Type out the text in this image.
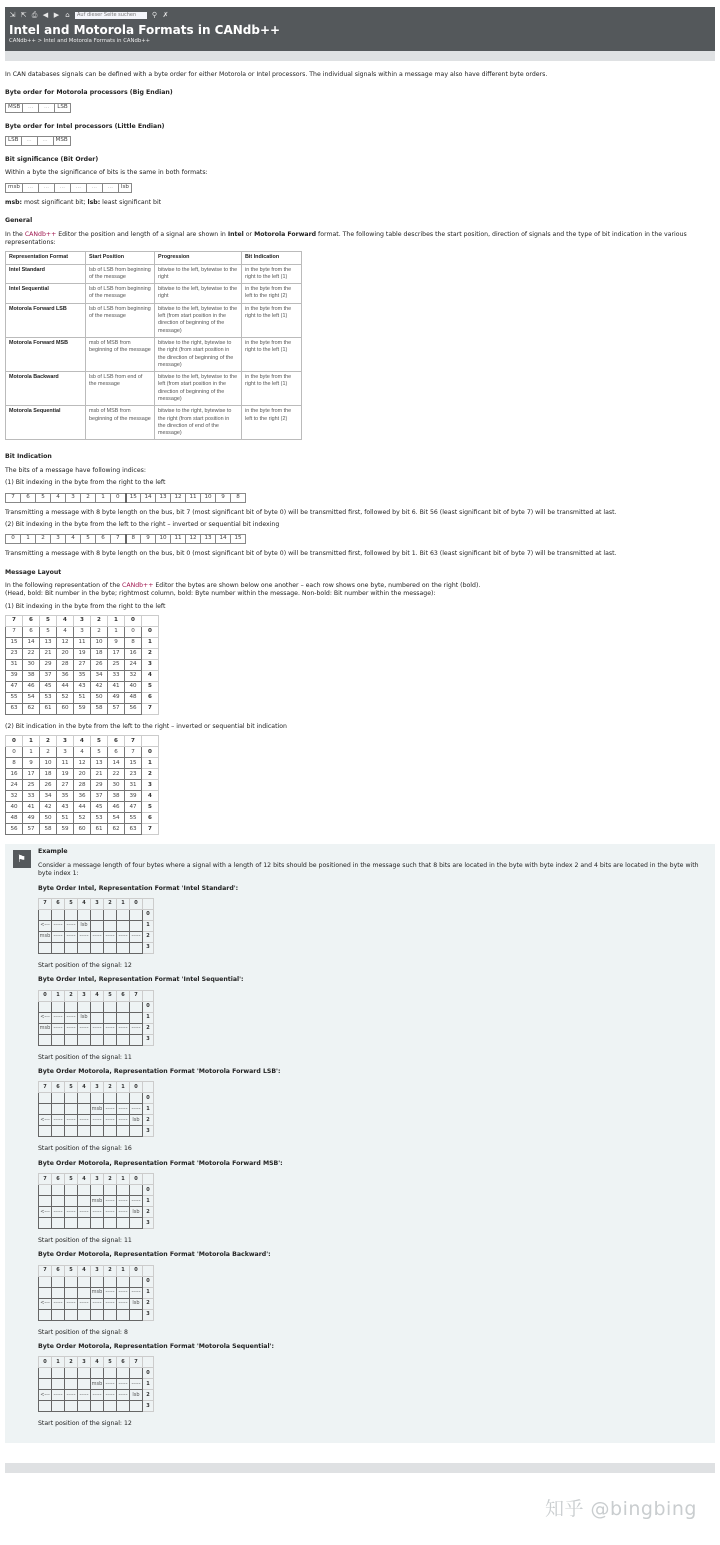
⇲ ⇱ ⎙ ◀ ▶ ⌂
Auf dieser Seite suchen	⚲ ✗
Intel and Motorola Formats in CANdb++
CANdb++ > Intel and Motorola Formats in CANdb++

In CAN databases signals can be defined with a byte order for either Motorola or Intel processors. The individual signals within a message may also have different byte orders.

Byte order for Motorola processors (Big Endian)
MSB	...	...	LSB
Byte order for Intel processors (Little Endian)
LSB	...	...	MSB
Bit significance (Bit Order)

Within a byte the significance of bits is the same in both formats:

msb	...	...	...	...	...	...	lsb

msb: most significant bit; lsb: least significant bit

General

In the CANdb++ Editor the position and length of a signal are shown in Intel or Motorola Forward format. The following table describes the start position, direction of signals and the type of bit indication in the various representations:

Representation Format	Start Position	Progression	Bit Indication
Intel Standard	lsb of LSB from beginning of the message	bitwise to the left, bytewise to the right	in the byte from the right to the left (1)
Intel Sequential	lsb of LSB from beginning of the message	bitwise to the left, bytewise to the right	in the byte from the left to the right (2)
Motorola Forward LSB	lsb of LSB from beginning of the message	bitwise to the left, bytewise to the left (from start position in the direction of beginning of the message)	in the byte from the right to the left (1)
Motorola Forward MSB	msb of MSB from beginning of the message	bitwise to the right, bytewise to the right (from start position in the direction of beginning of the message)	in the byte from the right to the left (1)
Motorola Backward	lsb of LSB from end of the message	bitwise to the left, bytewise to the left (from start position in the direction of beginning of the message)	in the byte from the right to the left (1)
Motorola Sequential	msb of MSB from beginning of the message	bitwise to the right, bytewise to the right (from start position in the direction of end of the message)	in the byte from the left to the right (2)
Bit Indication

The bits of a message have following indices:

(1) Bit indexing in the byte from the right to the left

7	6	5	4	3	2	1	0	15	14	13	12	11	10	9	8

Transmitting a message with 8 byte length on the bus, bit 7 (most significant bit of byte 0) will be transmitted first, followed by bit 6. Bit 56 (least significant bit of byte 7) will be transmitted at last.

(2) Bit indexing in the byte from the left to the right – inverted or sequential bit indexing

0	1	2	3	4	5	6	7	8	9	10	11	12	13	14	15

Transmitting a message with 8 byte length on the bus, bit 0 (most significant bit of byte 0) will be transmitted first, followed by bit 1. Bit 63 (least significant bit of byte 7) will be transmitted at last.

Message Layout

In the following representation of the CANdb++ Editor the bytes are shown below one another – each row shows one byte, numbered on the right (bold).
(Head, bold: Bit number in the byte; rightmost column, bold: Byte number within the message. Non-bold: Bit number within the message):

(1) Bit indexing in the byte from the right to the left

7	6	5	4	3	2	1	0	
7	6	5	4	3	2	1	0	0
15	14	13	12	11	10	9	8	1
23	22	21	20	19	18	17	16	2
31	30	29	28	27	26	25	24	3
39	38	37	36	35	34	33	32	4
47	46	45	44	43	42	41	40	5
55	54	53	52	51	50	49	48	6
63	62	61	60	59	58	57	56	7

(2) Bit indication in the byte from the left to the right – inverted or sequential bit indication

0	1	2	3	4	5	6	7	
0	1	2	3	4	5	6	7	0
8	9	10	11	12	13	14	15	1
16	17	18	19	20	21	22	23	2
24	25	26	27	28	29	30	31	3
32	33	34	35	36	37	38	39	4
40	41	42	43	44	45	46	47	5
48	49	50	51	52	53	54	55	6
56	57	58	59	60	61	62	63	7
⚑
Example

Consider a message length of four bytes where a signal with a length of 12 bits should be positioned in the message such that 8 bits are located in the byte with byte index 2 and 4 bits are located in the byte with byte index 1:

Byte Order Intel, Representation Format 'Intel Standard':
7	6	5	4	3	2	1	0	
								0
<---	-----	-----	lsb					1
msb	-----	-----	-----	-----	-----	-----	-----	2
								3

Start position of the signal: 12

Byte Order Intel, Representation Format 'Intel Sequential':
0	1	2	3	4	5	6	7	
								0
<---	-----	-----	lsb					1
msb	-----	-----	-----	-----	-----	-----	-----	2
								3

Start position of the signal: 11

Byte Order Motorola, Representation Format 'Motorola Forward LSB':
7	6	5	4	3	2	1	0	
								0
				msb	-----	-----	-----	1
<---	-----	-----	-----	-----	-----	-----	lsb	2
								3

Start position of the signal: 16

Byte Order Motorola, Representation Format 'Motorola Forward MSB':
7	6	5	4	3	2	1	0	
								0
				msb	-----	-----	-----	1
<---	-----	-----	-----	-----	-----	-----	lsb	2
								3

Start position of the signal: 11

Byte Order Motorola, Representation Format 'Motorola Backward':
7	6	5	4	3	2	1	0	
								0
				msb	-----	-----	-----	1
<---	-----	-----	-----	-----	-----	-----	lsb	2
								3

Start position of the signal: 8

Byte Order Motorola, Representation Format 'Motorola Sequential':
0	1	2	3	4	5	6	7	
								0
				msb	-----	-----	-----	1
<---	-----	-----	-----	-----	-----	-----	lsb	2
								3

Start position of the signal: 12

知乎 @bingbing
